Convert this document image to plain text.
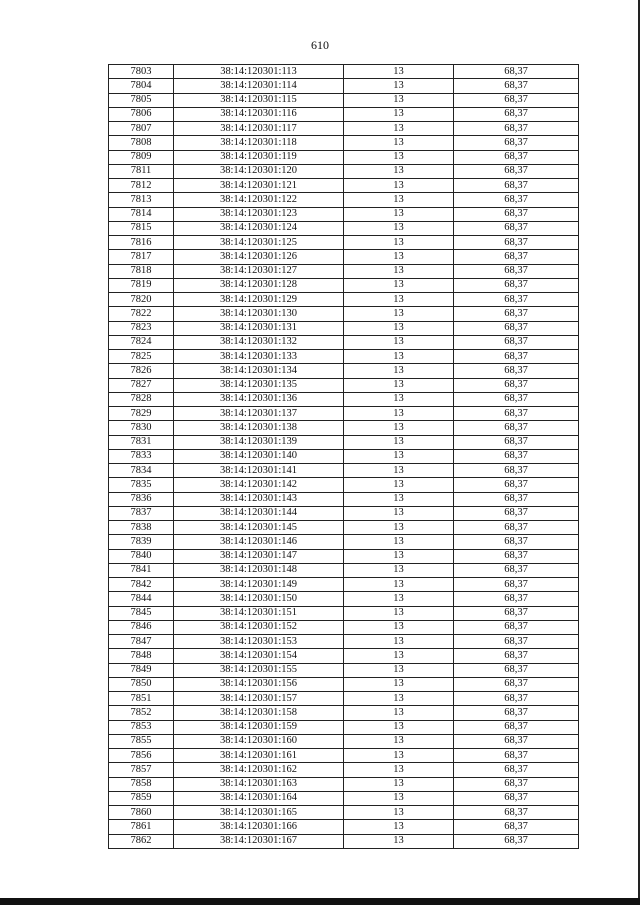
610
7803	38:14:120301:113	13	68,37
7804	38:14:120301:114	13	68,37
7805	38:14:120301:115	13	68,37
7806	38:14:120301:116	13	68,37
7807	38:14:120301:117	13	68,37
7808	38:14:120301:118	13	68,37
7809	38:14:120301:119	13	68,37
7811	38:14:120301:120	13	68,37
7812	38:14:120301:121	13	68,37
7813	38:14:120301:122	13	68,37
7814	38:14:120301:123	13	68,37
7815	38:14:120301:124	13	68,37
7816	38:14:120301:125	13	68,37
7817	38:14:120301:126	13	68,37
7818	38:14:120301:127	13	68,37
7819	38:14:120301:128	13	68,37
7820	38:14:120301:129	13	68,37
7822	38:14:120301:130	13	68,37
7823	38:14:120301:131	13	68,37
7824	38:14:120301:132	13	68,37
7825	38:14:120301:133	13	68,37
7826	38:14:120301:134	13	68,37
7827	38:14:120301:135	13	68,37
7828	38:14:120301:136	13	68,37
7829	38:14:120301:137	13	68,37
7830	38:14:120301:138	13	68,37
7831	38:14:120301:139	13	68,37
7833	38:14:120301:140	13	68,37
7834	38:14:120301:141	13	68,37
7835	38:14:120301:142	13	68,37
7836	38:14:120301:143	13	68,37
7837	38:14:120301:144	13	68,37
7838	38:14:120301:145	13	68,37
7839	38:14:120301:146	13	68,37
7840	38:14:120301:147	13	68,37
7841	38:14:120301:148	13	68,37
7842	38:14:120301:149	13	68,37
7844	38:14:120301:150	13	68,37
7845	38:14:120301:151	13	68,37
7846	38:14:120301:152	13	68,37
7847	38:14:120301:153	13	68,37
7848	38:14:120301:154	13	68,37
7849	38:14:120301:155	13	68,37
7850	38:14:120301:156	13	68,37
7851	38:14:120301:157	13	68,37
7852	38:14:120301:158	13	68,37
7853	38:14:120301:159	13	68,37
7855	38:14:120301:160	13	68,37
7856	38:14:120301:161	13	68,37
7857	38:14:120301:162	13	68,37
7858	38:14:120301:163	13	68,37
7859	38:14:120301:164	13	68,37
7860	38:14:120301:165	13	68,37
7861	38:14:120301:166	13	68,37
7862	38:14:120301:167	13	68,37
